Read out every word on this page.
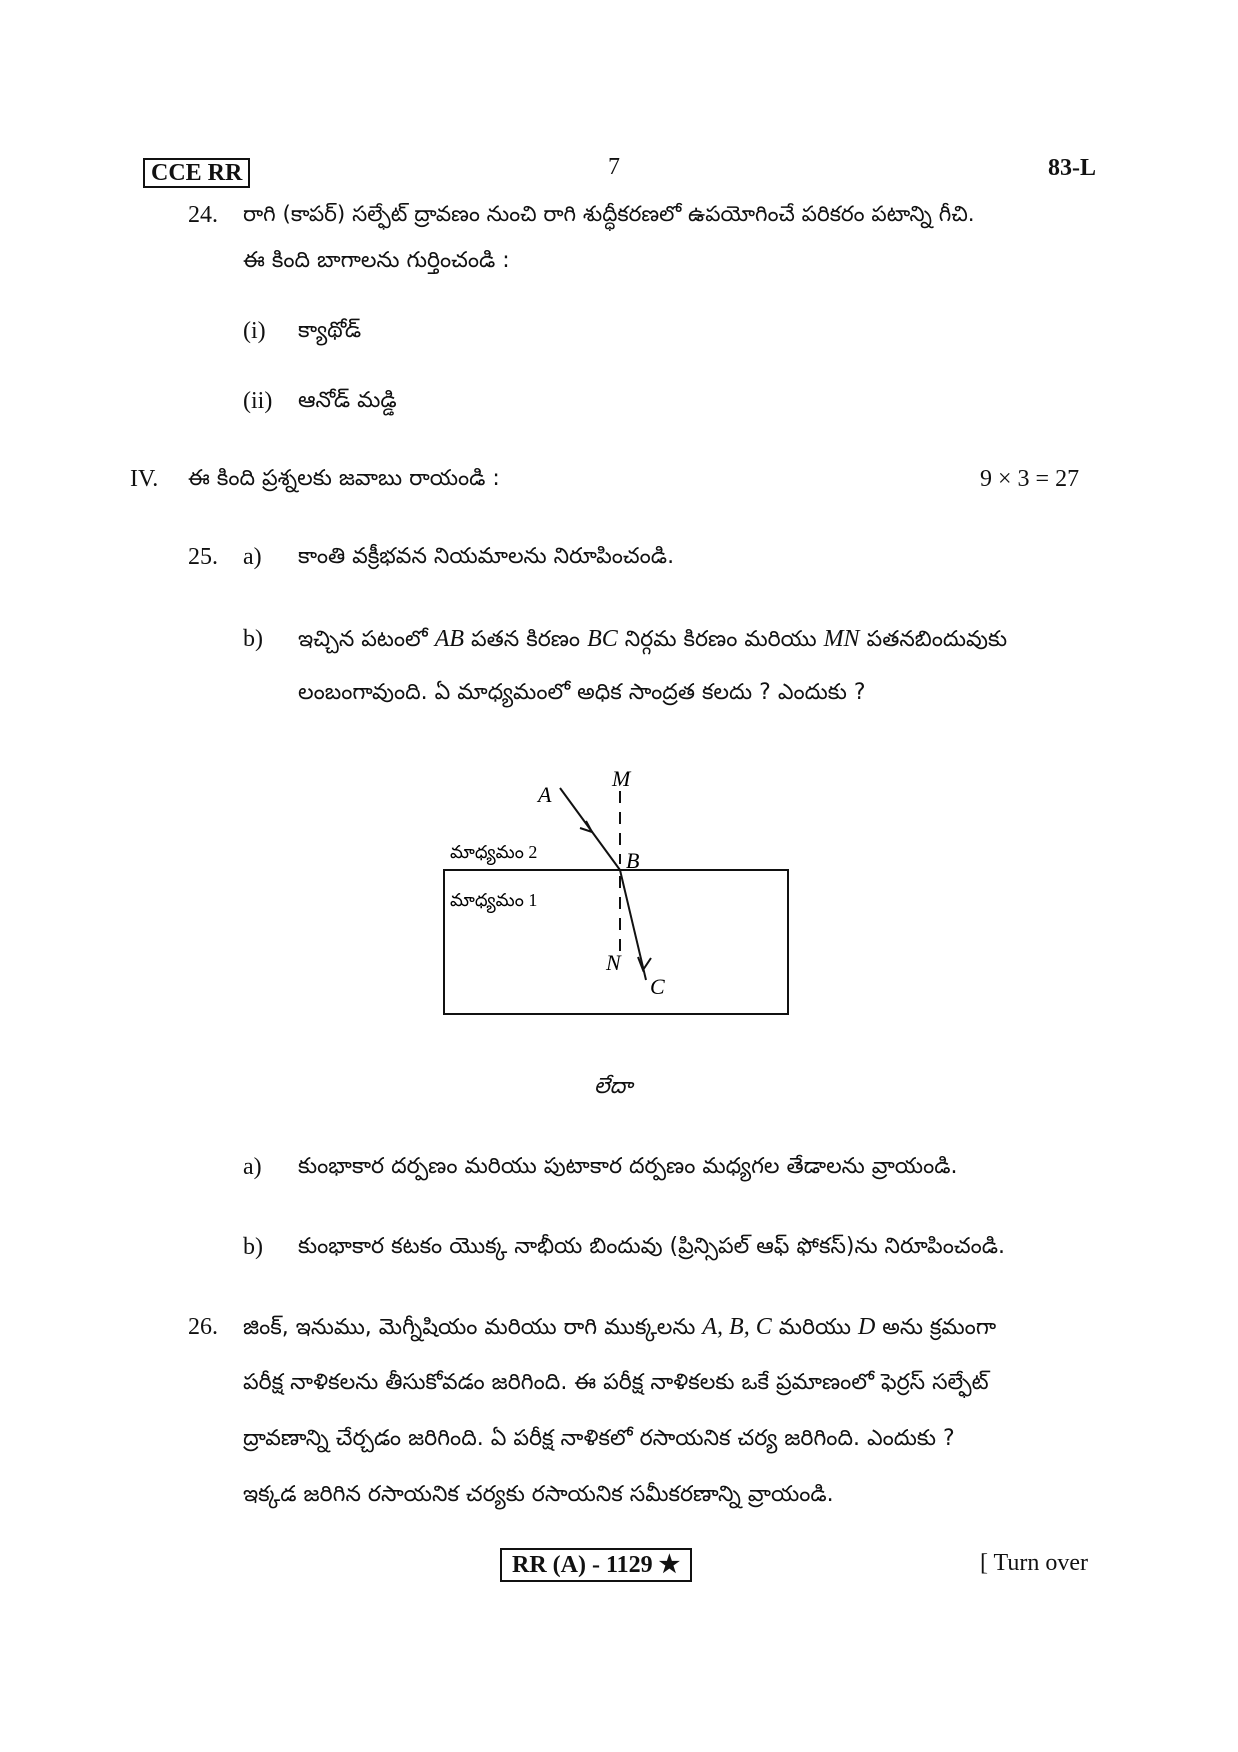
CCE RR	7	83-L
24. రాగి (కాపర్) సల్ఫేట్ ద్రావణం నుంచి రాగి శుద్ధీకరణలో ఉపయోగించే పరికరం పటాన్ని గీచి.
ఈ కింది బాగాలను గుర్తించండి :
(i) క్యాథోడ్
(ii) ఆనోడ్ మడ్డి
IV. ఈ కింది ప్రశ్నలకు జవాబు రాయండి :	9 × 3 = 27
25. a) కాంతి వక్రీభవన నియమాలను నిరూపించండి.
b) ఇచ్చిన పటంలో AB పతన కిరణం BC నిర్గమ కిరణం మరియు MN పతనబిందువుకు
లంబంగావుంది. ఏ మాధ్యమంలో అధిక సాంద్రత కలదు ? ఎందుకు ?
A
M
B
N
C
మాధ్యమం 2
మాధ్యమం 1
లేదా
a) కుంభాకార దర్పణం మరియు పుటాకార దర్పణం మధ్యగల తేడాలను వ్రాయండి.
b) కుంభాకార కటకం యొక్క నాభీయ బిందువు (ప్రిన్సిపల్ ఆఫ్ ఫోకస్)ను నిరూపించండి.
26. జింక్, ఇనుము, మెగ్నీషియం మరియు రాగి ముక్కలను A, B, C మరియు D అను క్రమంగా
పరీక్ష నాళికలను తీసుకోవడం జరిగింది. ఈ పరీక్ష నాళికలకు ఒకే ప్రమాణంలో ఫెర్రస్ సల్ఫేట్
ద్రావణాన్ని చేర్చడం జరిగింది. ఏ పరీక్ష నాళికలో రసాయనిక చర్య జరిగింది. ఎందుకు ?
ఇక్కడ జరిగిన రసాయనిక చర్యకు రసాయనిక సమీకరణాన్ని వ్రాయండి.
RR (A) - 1129 ★	[ Turn over
